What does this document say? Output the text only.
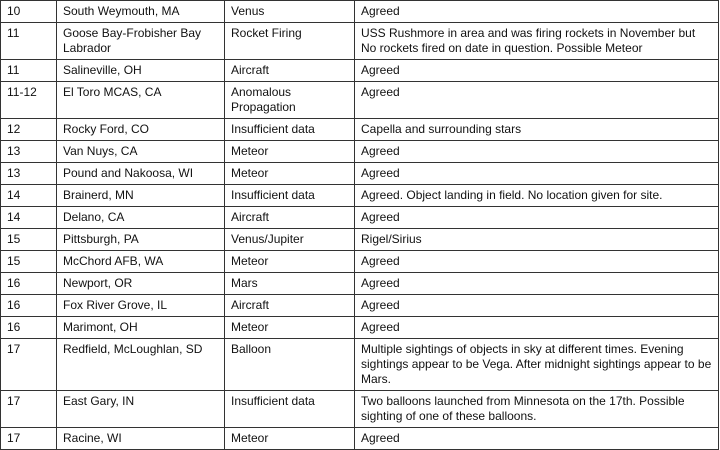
10	South Weymouth, MA	Venus	Agreed
11	Goose Bay-Frobisher Bay Labrador	Rocket Firing	USS Rushmore in area and was firing rockets in November but No rockets fired on date in question. Possible Meteor
11	Salineville, OH	Aircraft	Agreed
11-12	El Toro MCAS, CA	Anomalous Propagation	Agreed
12	Rocky Ford, CO	Insufficient data	Capella and surrounding stars
13	Van Nuys, CA	Meteor	Agreed
13	Pound and Nakoosa, WI	Meteor	Agreed
14	Brainerd, MN	Insufficient data	Agreed. Object landing in field. No location given for site.
14	Delano, CA	Aircraft	Agreed
15	Pittsburgh, PA	Venus/Jupiter	Rigel/Sirius
15	McChord AFB, WA	Meteor	Agreed
16	Newport, OR	Mars	Agreed
16	Fox River Grove, IL	Aircraft	Agreed
16	Marimont, OH	Meteor	Agreed
17	Redfield, McLoughlan, SD	Balloon	Multiple sightings of objects in sky at different times. Evening sightings appear to be Vega. After midnight sightings appear to be Mars.
17	East Gary, IN	Insufficient data	Two balloons launched from Minnesota on the 17th. Possible sighting of one of these balloons.
17	Racine, WI	Meteor	Agreed
